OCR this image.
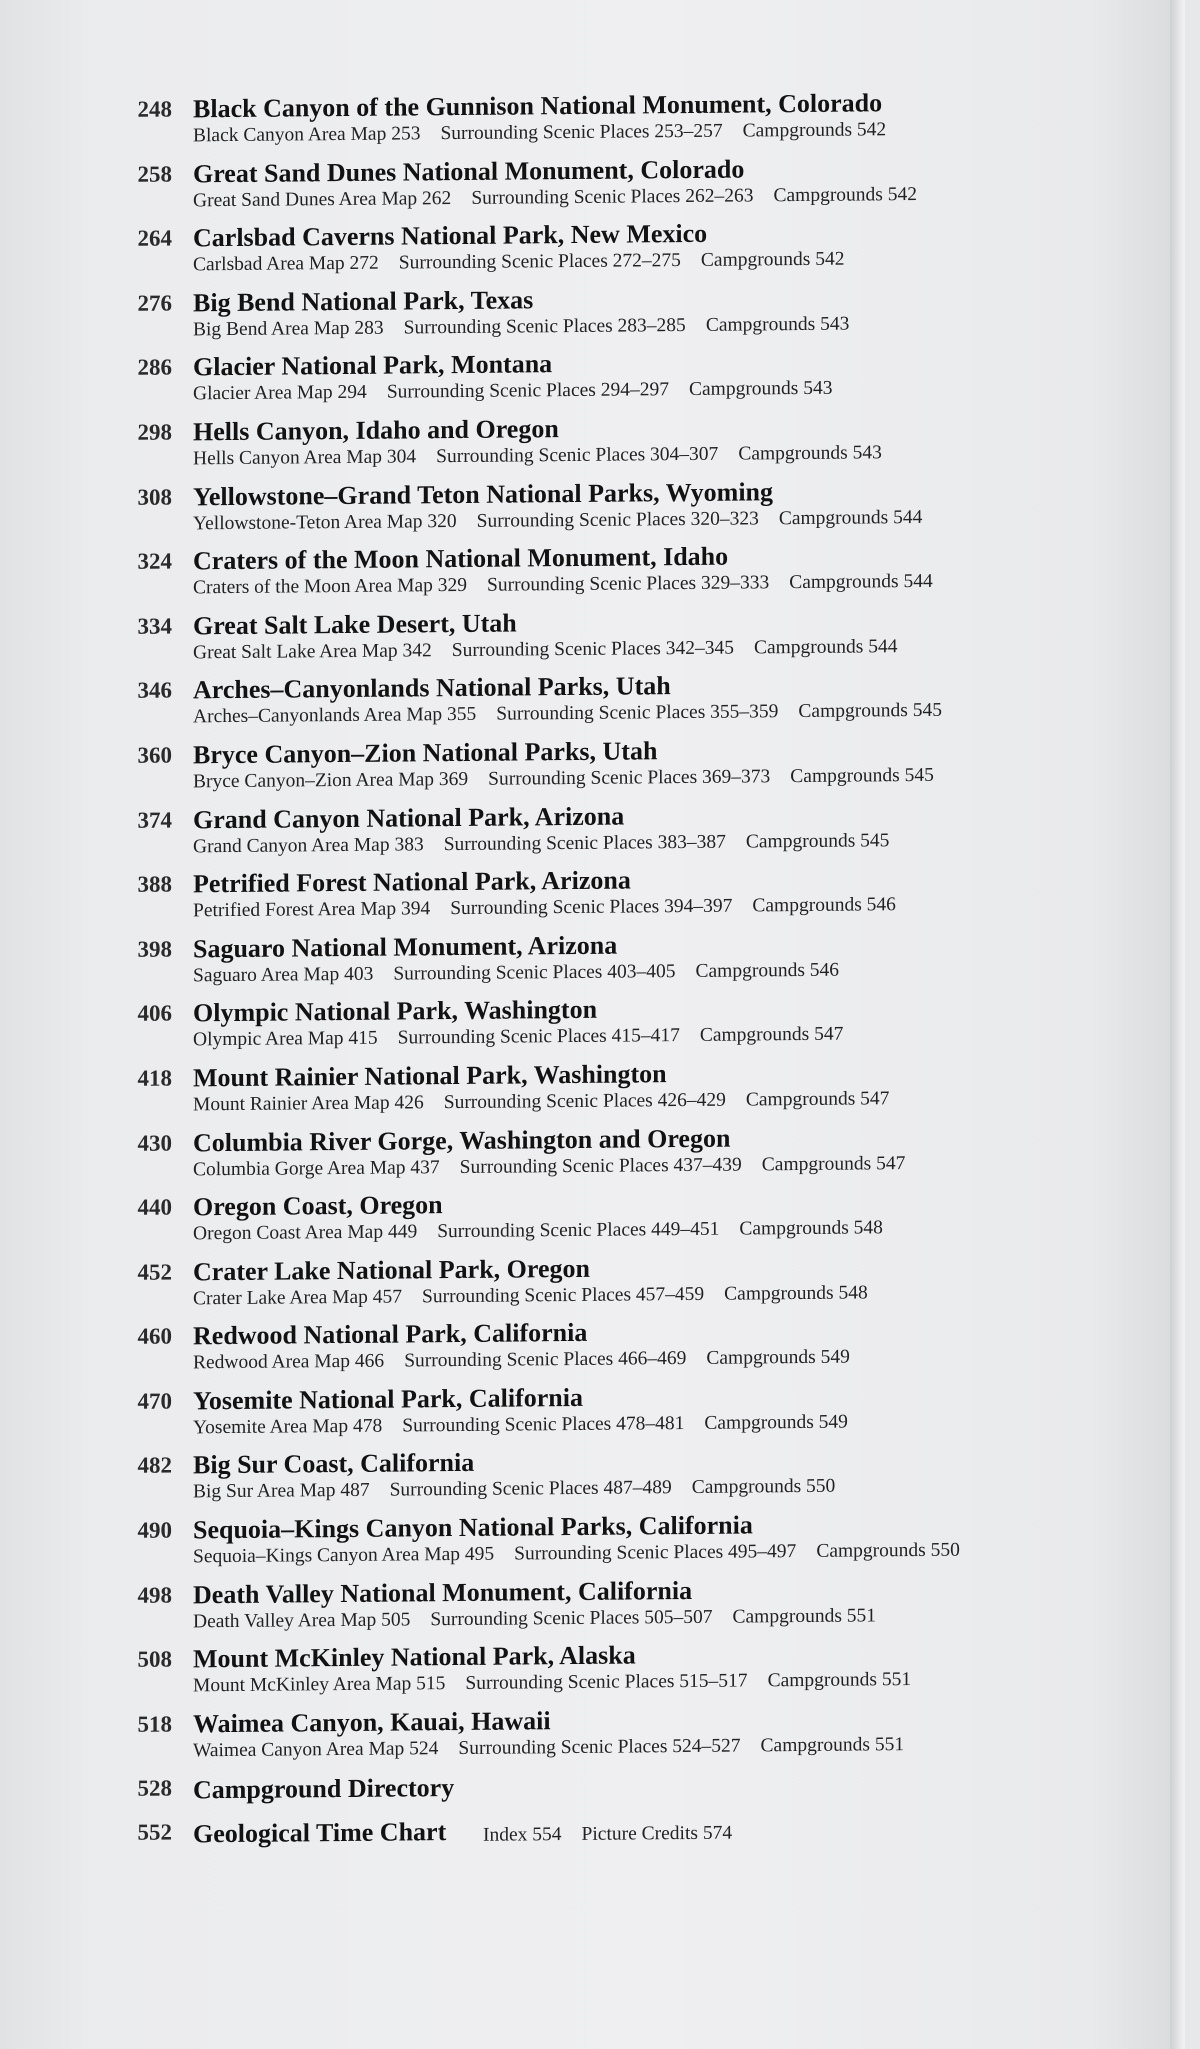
248 Black Canyon of the Gunnison National Monument, Colorado
Black Canyon Area Map 253 Surrounding Scenic Places 253–257 Campgrounds 542
258 Great Sand Dunes National Monument, Colorado
Great Sand Dunes Area Map 262 Surrounding Scenic Places 262–263 Campgrounds 542
264 Carlsbad Caverns National Park, New Mexico
Carlsbad Area Map 272 Surrounding Scenic Places 272–275 Campgrounds 542
276 Big Bend National Park, Texas
Big Bend Area Map 283 Surrounding Scenic Places 283–285 Campgrounds 543
286 Glacier National Park, Montana
Glacier Area Map 294 Surrounding Scenic Places 294–297 Campgrounds 543
298 Hells Canyon, Idaho and Oregon
Hells Canyon Area Map 304 Surrounding Scenic Places 304–307 Campgrounds 543
308 Yellowstone–Grand Teton National Parks, Wyoming
Yellowstone-Teton Area Map 320 Surrounding Scenic Places 320–323 Campgrounds 544
324 Craters of the Moon National Monument, Idaho
Craters of the Moon Area Map 329 Surrounding Scenic Places 329–333 Campgrounds 544
334 Great Salt Lake Desert, Utah
Great Salt Lake Area Map 342 Surrounding Scenic Places 342–345 Campgrounds 544
346 Arches–Canyonlands National Parks, Utah
Arches–Canyonlands Area Map 355 Surrounding Scenic Places 355–359 Campgrounds 545
360 Bryce Canyon–Zion National Parks, Utah
Bryce Canyon–Zion Area Map 369 Surrounding Scenic Places 369–373 Campgrounds 545
374 Grand Canyon National Park, Arizona
Grand Canyon Area Map 383 Surrounding Scenic Places 383–387 Campgrounds 545
388 Petrified Forest National Park, Arizona
Petrified Forest Area Map 394 Surrounding Scenic Places 394–397 Campgrounds 546
398 Saguaro National Monument, Arizona
Saguaro Area Map 403 Surrounding Scenic Places 403–405 Campgrounds 546
406 Olympic National Park, Washington
Olympic Area Map 415 Surrounding Scenic Places 415–417 Campgrounds 547
418 Mount Rainier National Park, Washington
Mount Rainier Area Map 426 Surrounding Scenic Places 426–429 Campgrounds 547
430 Columbia River Gorge, Washington and Oregon
Columbia Gorge Area Map 437 Surrounding Scenic Places 437–439 Campgrounds 547
440 Oregon Coast, Oregon
Oregon Coast Area Map 449 Surrounding Scenic Places 449–451 Campgrounds 548
452 Crater Lake National Park, Oregon
Crater Lake Area Map 457 Surrounding Scenic Places 457–459 Campgrounds 548
460 Redwood National Park, California
Redwood Area Map 466 Surrounding Scenic Places 466–469 Campgrounds 549
470 Yosemite National Park, California
Yosemite Area Map 478 Surrounding Scenic Places 478–481 Campgrounds 549
482 Big Sur Coast, California
Big Sur Area Map 487 Surrounding Scenic Places 487–489 Campgrounds 550
490 Sequoia–Kings Canyon National Parks, California
Sequoia–Kings Canyon Area Map 495 Surrounding Scenic Places 495–497 Campgrounds 550
498 Death Valley National Monument, California
Death Valley Area Map 505 Surrounding Scenic Places 505–507 Campgrounds 551
508 Mount McKinley National Park, Alaska
Mount McKinley Area Map 515 Surrounding Scenic Places 515–517 Campgrounds 551
518 Waimea Canyon, Kauai, Hawaii
Waimea Canyon Area Map 524 Surrounding Scenic Places 524–527 Campgrounds 551
528 Campground Directory
552 Geological Time Chart Index 554 Picture Credits 574
